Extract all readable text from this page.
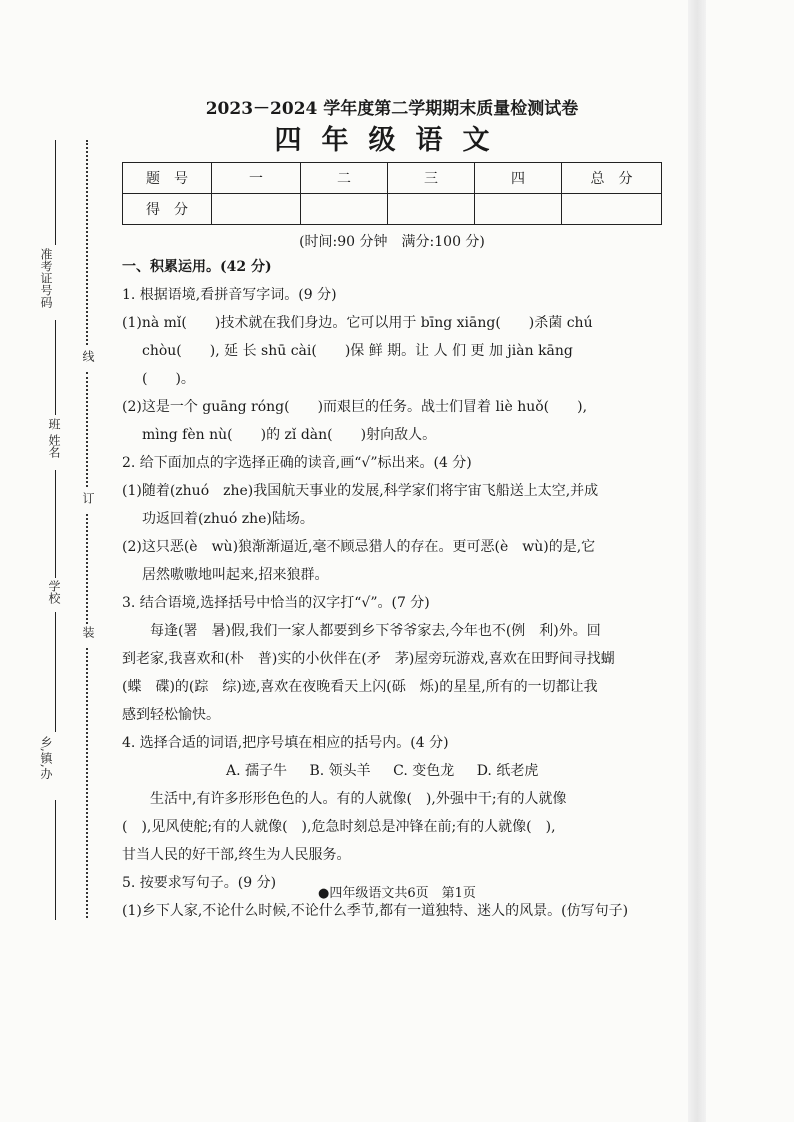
准考证号码
班 姓名
学校
乡,镇,办
线
订
装
2023－2024 学年度第二学期期末质量检测试卷
四年级语文
题　号	一	二	三	四	总　分
得　分					
(时间:90 分钟　满分:100 分)

一、积累运用。(42 分)

1. 根据语境,看拼音写字词。(9 分)

(1)nà mǐ(　　)技术就在我们身边。它可以用于 bīng xiāng(　　)杀菌 chú

chòu(　　), 延 长 shū cài(　　)保 鲜 期。让 人 们 更 加 jiàn kāng

(　　)。

(2)这是一个 guāng róng(　　)而艰巨的任务。战士们冒着 liè huǒ(　　),

mìng fèn nù(　　)的 zǐ dàn(　　)射向敌人。

2. 给下面加点的字选择正确的读音,画“√”标出来。(4 分)

(1)随着(zhuó　zhe)我国航天事业的发展,科学家们将宇宙飞船送上太空,并成

功返回着(zhuó zhe)陆场。

(2)这只恶(è　wù)狼渐渐逼近,毫不顾忌猎人的存在。更可恶(è　wù)的是,它

居然嗷嗷地叫起来,招来狼群。

3. 结合语境,选择括号中恰当的汉字打“√”。(7 分)

每逢(署　暑)假,我们一家人都要到乡下爷爷家去,今年也不(例　利)外。回

到老家,我喜欢和(朴　普)实的小伙伴在(矛　茅)屋旁玩游戏,喜欢在田野间寻找蝴

(蝶　碟)的(踪　综)迹,喜欢在夜晚看天上闪(砾　烁)的星星,所有的一切都让我

感到轻松愉快。

4. 选择合适的词语,把序号填在相应的括号内。(4 分)

A. 孺子牛 B. 领头羊 C. 变色龙 D. 纸老虎

生活中,有许多形形色色的人。有的人就像(　),外强中干;有的人就像

(　),见风使舵;有的人就像(　),危急时刻总是冲锋在前;有的人就像(　),

甘当人民的好干部,终生为人民服务。

5. 按要求写句子。(9 分)

(1)乡下人家,不论什么时候,不论什么季节,都有一道独特、迷人的风景。(仿写句子)

●四年级语文共6页　第1页
